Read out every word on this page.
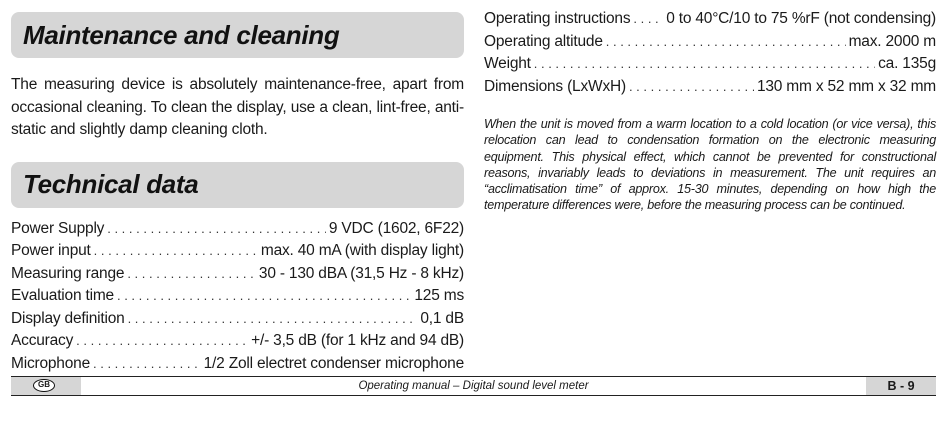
Maintenance and cleaning

The measuring device is absolutely maintenance-free, apart from occasional cleaning. To clean the display, use a clean, lint-free, anti-static and slightly damp cleaning cloth.

Technical data
Power Supply . . .	9 VDC (1602, 6F22)
Power input . . .	max. 40 mA (with display light)
Measuring range . . .	30 - 130 dBA (31,5 Hz - 8 kHz)
Evaluation time . . .	125 ms
Display definition . . .	0,1 dB
Accuracy . . .	+/- 3,5 dB (for 1 kHz and 94 dB)
Microphone . . .	1/2 Zoll electret condenser microphone
Operating instructions . . . 0 to 40°C/10 to 75 %rF (not condensing)
Operating altitude . . .	max. 2000 m
Weight . . .	ca. 135g
Dimensions (LxWxH) . . .	130 mm x 52 mm x 32 mm

When the unit is moved from a warm location to a cold location (or vice versa), this relocation can lead to condensation formation on the electronic measuring equipment. This physical effect, which cannot be prevented for constructional reasons, invariably leads to deviations in measurement. The unit requires an “acclimatisation time” of approx. 15-30 minutes, depending on how high the temperature differences were, before the measuring process can be continued.

GB	Operating manual – Digital sound level meter	B - 9
